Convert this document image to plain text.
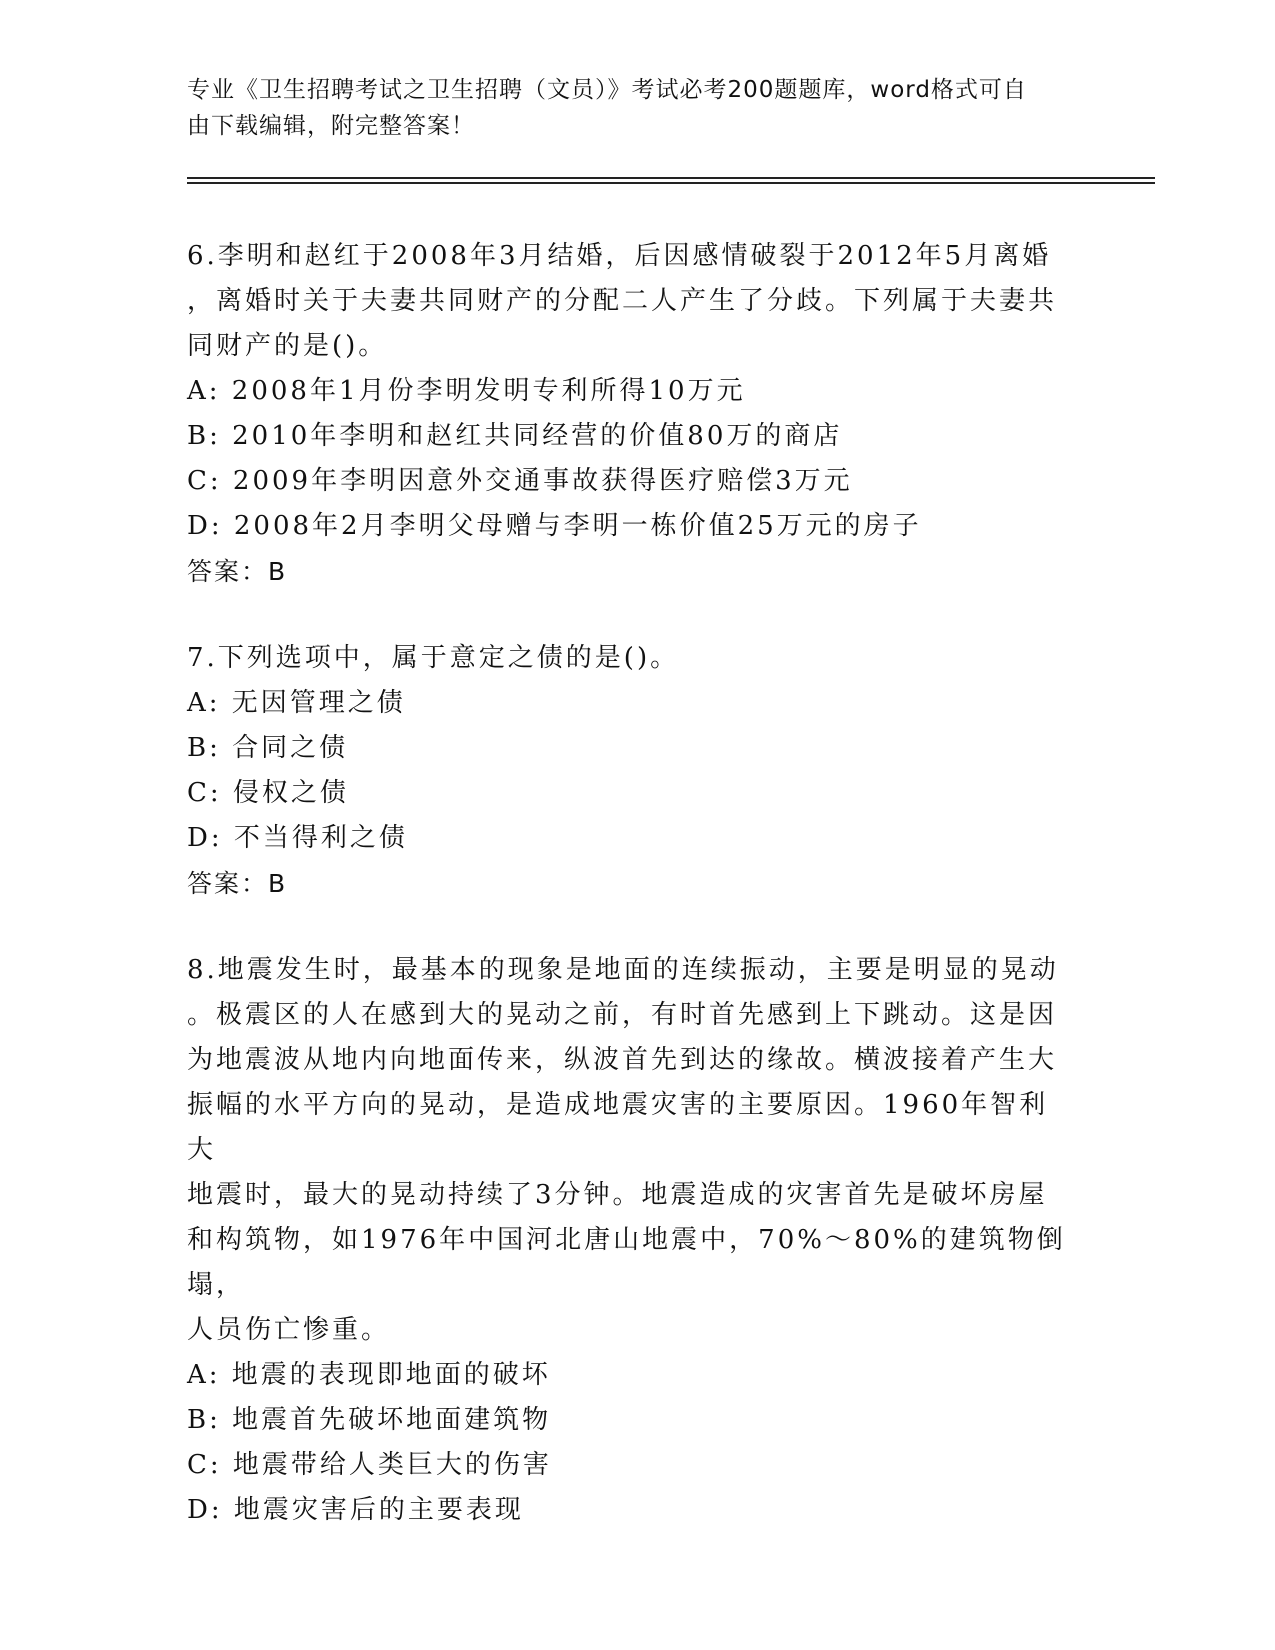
专业《卫生招聘考试之卫生招聘（文员）》考试必考200题题库，word格式可自
由下载编辑，附完整答案！
6.李明和赵红于2008年3月结婚，后因感情破裂于2012年5月离婚
，离婚时关于夫妻共同财产的分配二人产生了分歧。下列属于夫妻共
同财产的是()。
A: 2008年1月份李明发明专利所得10万元
B: 2010年李明和赵红共同经营的价值80万的商店
C: 2009年李明因意外交通事故获得医疗赔偿3万元
D: 2008年2月李明父母赠与李明一栋价值25万元的房子
答案：B
7.下列选项中，属于意定之债的是()。
A: 无因管理之债
B: 合同之债
C: 侵权之债
D: 不当得利之债
答案：B
8.地震发生时，最基本的现象是地面的连续振动，主要是明显的晃动
。极震区的人在感到大的晃动之前，有时首先感到上下跳动。这是因
为地震波从地内向地面传来，纵波首先到达的缘故。横波接着产生大
振幅的水平方向的晃动，是造成地震灾害的主要原因。1960年智利大
地震时，最大的晃动持续了3分钟。地震造成的灾害首先是破坏房屋
和构筑物，如1976年中国河北唐山地震中，70%～80%的建筑物倒塌，
人员伤亡惨重。
A: 地震的表现即地面的破坏
B: 地震首先破坏地面建筑物
C: 地震带给人类巨大的伤害
D: 地震灾害后的主要表现
